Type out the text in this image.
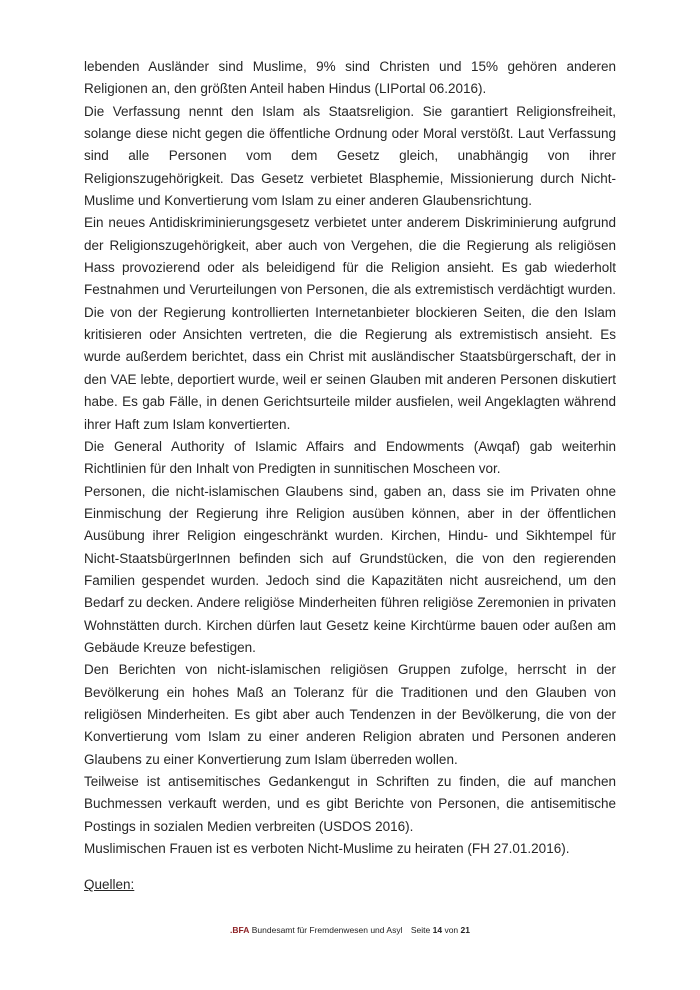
lebenden Ausländer sind Muslime, 9% sind Christen und 15% gehören anderen Religionen an, den größten Anteil haben Hindus (LIPortal 06.2016).

Die Verfassung nennt den Islam als Staatsreligion. Sie garantiert Religionsfreiheit, solange diese nicht gegen die öffentliche Ordnung oder Moral verstößt. Laut Verfassung sind alle Personen vom dem Gesetz gleich, unabhängig von ihrer Religionszugehörigkeit. Das Gesetz verbietet Blasphemie, Missionierung durch Nicht-Muslime und Konvertierung vom Islam zu einer anderen Glaubensrichtung.

Ein neues Antidiskriminierungsgesetz verbietet unter anderem Diskriminierung aufgrund der Religionszugehörigkeit, aber auch von Vergehen, die die Regierung als religiösen Hass provozierend oder als beleidigend für die Religion ansieht. Es gab wiederholt Festnahmen und Verurteilungen von Personen, die als extremistisch verdächtigt wurden. Die von der Regierung kontrollierten Internetanbieter blockieren Seiten, die den Islam kritisieren oder Ansichten vertreten, die die Regierung als extremistisch ansieht. Es wurde außerdem berichtet, dass ein Christ mit ausländischer Staatsbürgerschaft, der in den VAE lebte, deportiert wurde, weil er seinen Glauben mit anderen Personen diskutiert habe. Es gab Fälle, in denen Gerichtsurteile milder ausfielen, weil Angeklagten während ihrer Haft zum Islam konvertierten.

Die General Authority of Islamic Affairs and Endowments (Awqaf) gab weiterhin Richtlinien für den Inhalt von Predigten in sunnitischen Moscheen vor.

Personen, die nicht-islamischen Glaubens sind, gaben an, dass sie im Privaten ohne Einmischung der Regierung ihre Religion ausüben können, aber in der öffentlichen Ausübung ihrer Religion eingeschränkt wurden. Kirchen, Hindu- und Sikhtempel für Nicht-StaatsbürgerInnen befinden sich auf Grundstücken, die von den regierenden Familien gespendet wurden. Jedoch sind die Kapazitäten nicht ausreichend, um den Bedarf zu decken. Andere religiöse Minderheiten führen religiöse Zeremonien in privaten Wohnstätten durch. Kirchen dürfen laut Gesetz keine Kirchtürme bauen oder außen am Gebäude Kreuze befestigen.

Den Berichten von nicht-islamischen religiösen Gruppen zufolge, herrscht in der Bevölkerung ein hohes Maß an Toleranz für die Traditionen und den Glauben von religiösen Minderheiten. Es gibt aber auch Tendenzen in der Bevölkerung, die von der Konvertierung vom Islam zu einer anderen Religion abraten und Personen anderen Glaubens zu einer Konvertierung zum Islam überreden wollen.

Teilweise ist antisemitisches Gedankengut in Schriften zu finden, die auf manchen Buchmessen verkauft werden, und es gibt Berichte von Personen, die antisemitische Postings in sozialen Medien verbreiten (USDOS 2016).

Muslimischen Frauen ist es verboten Nicht-Muslime zu heiraten (FH 27.01.2016).

Quellen:

.BFA Bundesamt für Fremdenwesen und Asyl Seite 14 von 21
